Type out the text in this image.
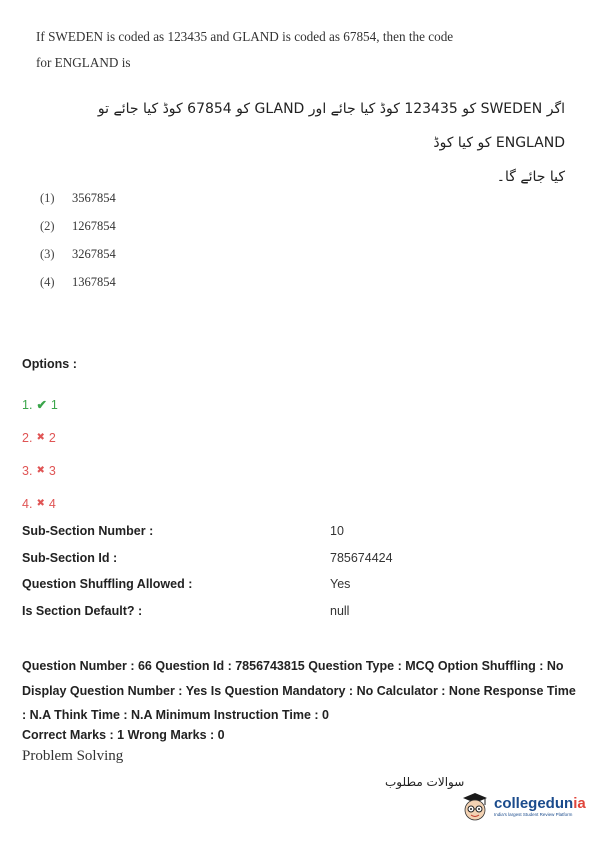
If SWEDEN is coded as 123435 and GLAND is coded as 67854, then the code
for ENGLAND is
اگر SWEDEN کو 123435 کوڈ کیا جائے اور GLAND کو 67854 کوڈ کیا جائے تو ENGLAND کو کیا کوڈ
کیا جائے گا۔
(1)	3567854
(2)	1267854
(3)	3267854
(4)	1367854
Options :
1. ✔ 1
2. ✖ 2
3. ✖ 3
4. ✖ 4
Sub-Section Number :	10
Sub-Section Id :	785674424
Question Shuffling Allowed :	Yes
Is Section Default? :	null
Question Number : 66 Question Id : 7856743815 Question Type : MCQ Option Shuffling : No Display Question Number : Yes Is Question Mandatory : No Calculator : None Response Time : N.A Think Time : N.A Minimum Instruction Time : 0
Correct Marks : 1 Wrong Marks : 0
Problem Solving
سوالات مطلوب
collegedunia
India's largest Student Review Platform
